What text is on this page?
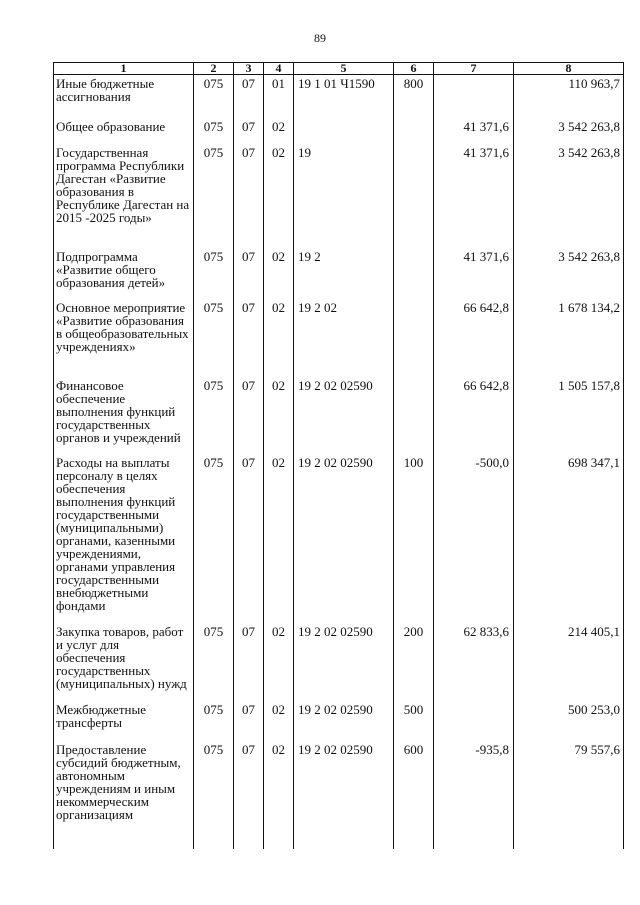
89
1	2	3	4	5	6	7	8
Иные бюджетные ассигнования	075	07	01	19 1 01 Ч1590	800		110 963,7
Общее образование	075	07	02			41 371,6	3 542 263,8
Государственная программа Республики Дагестан «Развитие образования в Республике Дагестан на 2015 -2025 годы»	075	07	02	19		41 371,6	3 542 263,8
Подпрограмма «Развитие общего образования детей»	075	07	02	19 2		41 371,6	3 542 263,8
Основное мероприятие «Развитие образования в общеобразовательных учреждениях»	075	07	02	19 2 02		66 642,8	1 678 134,2
Финансовое обеспечение выполнения функций государственных органов и учреждений	075	07	02	19 2 02 02590		66 642,8	1 505 157,8
Расходы на выплаты персоналу в целях обеспечения выполнения функций государственными (муниципальными) органами, казенными учреждениями, органами управления государственными внебюджетными фондами	075	07	02	19 2 02 02590	100	-500,0	698 347,1
Закупка товаров, работ и услуг для обеспечения государственных (муниципальных) нужд	075	07	02	19 2 02 02590	200	62 833,6	214 405,1
Межбюджетные трансферты	075	07	02	19 2 02 02590	500		500 253,0
Предоставление субсидий бюджетным, автономным учреждениям и иным некоммерческим организациям	075	07	02	19 2 02 02590	600	-935,8	79 557,6
